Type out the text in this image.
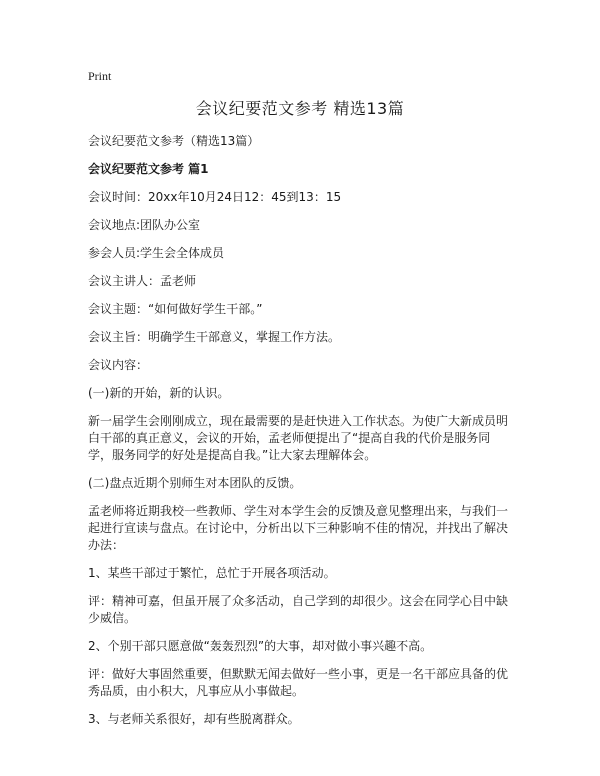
Print
会议纪要范文参考 精选13篇
会议纪要范文参考（精选13篇）
会议纪要范文参考 篇1
会议时间：20xx年10月24日12：45到13：15
会议地点:团队办公室
参会人员:学生会全体成员
会议主讲人：孟老师
会议主题：“如何做好学生干部。”
会议主旨：明确学生干部意义，掌握工作方法。
会议内容：
(一)新的开始，新的认识。
新一届学生会刚刚成立，现在最需要的是赶快进入工作状态。为使广大新成员明白干部的真正意义，会议的开始，孟老师便提出了“提高自我的代价是服务同学，服务同学的好处是提高自我。”让大家去理解体会。
(二)盘点近期个别师生对本团队的反馈。
孟老师将近期我校一些教师、学生对本学生会的反馈及意见整理出来，与我们一起进行宣读与盘点。在讨论中，分析出以下三种影响不佳的情况，并找出了解决办法：
1、某些干部过于繁忙，总忙于开展各项活动。
评：精神可嘉，但虽开展了众多活动，自己学到的却很少。这会在同学心目中缺少威信。
2、个别干部只愿意做“轰轰烈烈”的大事，却对做小事兴趣不高。
评：做好大事固然重要，但默默无闻去做好一些小事，更是一名干部应具备的优秀品质，由小积大，凡事应从小事做起。
3、与老师关系很好，却有些脱离群众。
